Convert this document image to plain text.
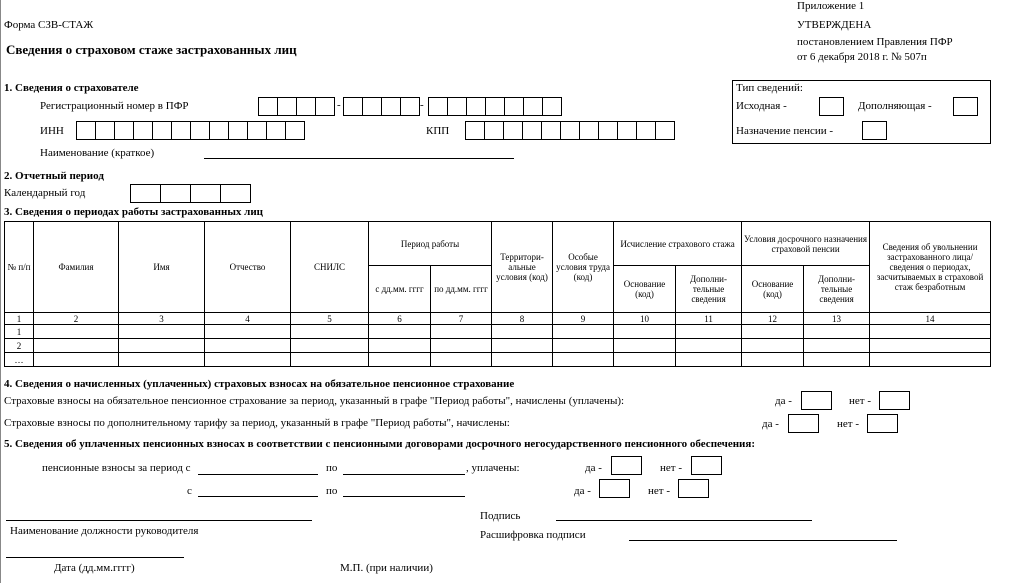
Форма СЗВ-СТАЖ
Сведения о страховом стаже застрахованных лиц
Приложение 1
УТВЕРЖДЕНА
постановлением Правления ПФР
от 6 декабря 2018 г. № 507п
1. Сведения о страхователе
Регистрационный номер в ПФР	-	-
ИНН	КПП
Наименование (краткое)
Тип сведений:
Исходная -	Дополняющая -
Назначение пенсии -
2. Отчетный период
Календарный год
3. Сведения о периодах работы застрахованных лиц
№ п/п	Фамилия	Имя	Отчество	СНИЛС	Период работы		Территориальные условия (код)	Особые условия труда (код)	Исчисление страхового стажа		Условия досрочного назначения страховой пенсии		Сведения об увольнении застрахованного лица/ сведения о периодах, засчитываемых в страховой стаж безработным
					с дд.мм. гггг	по дд.мм. гггг			Основание (код)	Дополнительные сведения	Основание (код)	Дополнительные сведения	
1	2	3	4	5	6	7	8	9	10	11	12	13	14
1													
2													
…													
4. Сведения о начисленных (уплаченных) страховых взносах на обязательное пенсионное страхование
Страховые взносы на обязательное пенсионное страхование за период, указанный в графе "Период работы", начислены (уплачены):	да -	нет -
Страховые взносы по дополнительному тарифу за период, указанный в графе "Период работы", начислены:	да -	нет -
5. Сведения об уплаченных пенсионных взносах в соответствии с пенсионными договорами досрочного негосударственного пенсионного обеспечения:
пенсионные взносы за период с	по	, уплачены:	да -	нет -
с	по	да -	нет -
Наименование должности руководителя
Подпись
Расшифровка подписи
Дата (дд.мм.гггг)	М.П. (при наличии)
